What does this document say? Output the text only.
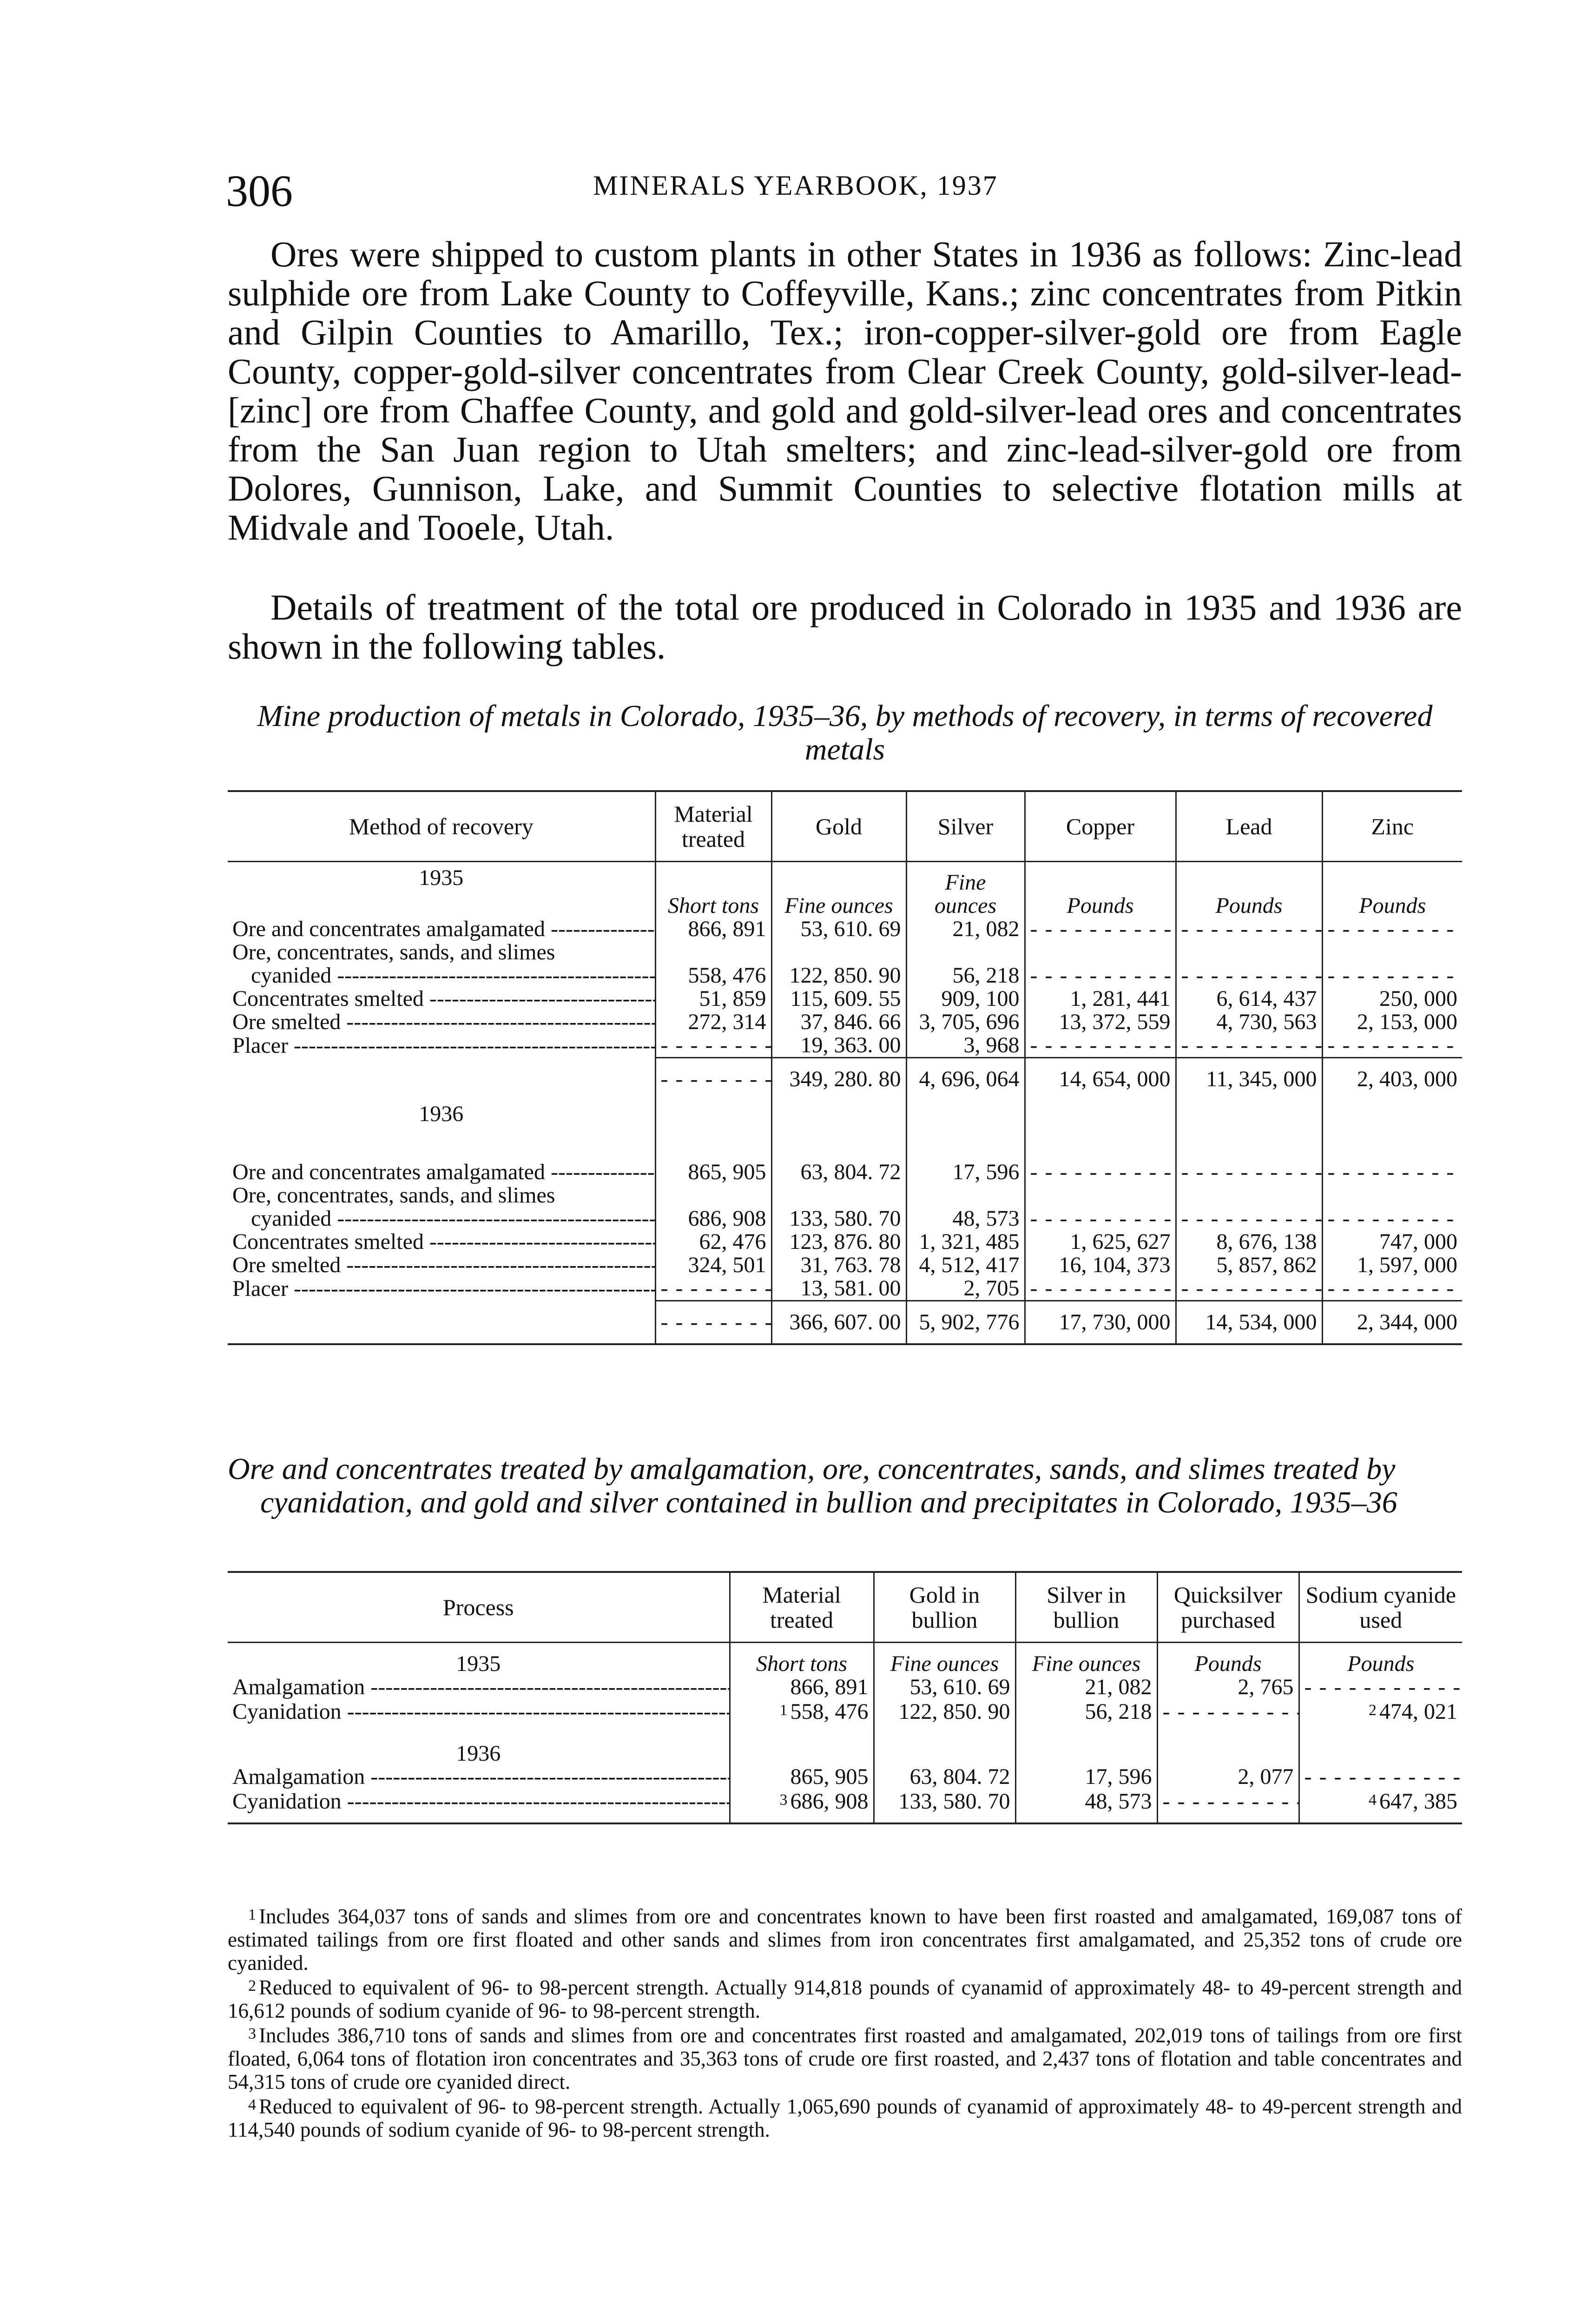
306	MINERALS YEARBOOK, 1937

Ores were shipped to custom plants in other States in 1936 as follows: Zinc-lead sulphide ore from Lake County to Coffeyville, Kans.; zinc concentrates from Pitkin and Gilpin Counties to Amarillo, Tex.; iron-copper-silver-gold ore from Eagle County, copper-gold-silver concentrates from Clear Creek County, gold-silver-lead-[zinc] ore from Chaffee County, and gold and gold-silver-lead ores and concentrates from the San Juan region to Utah smelters; and zinc-lead-silver-gold ore from Dolores, Gunnison, Lake, and Summit Counties to selective flotation mills at Midvale and Tooele, Utah.

Details of treatment of the total ore produced in Colorado in 1935 and 1936 are shown in the following tables.

Mine production of metals in Colorado, 1935–36, by methods of recovery, in terms of recovered metals

Method of recovery	Material treated	Gold	Silver	Copper	Lead	Zinc
1935			Fine			
	Short tons	Fine ounces	ounces	Pounds	Pounds	Pounds
Ore and concentrates amalgamated -----	866, 891	53, 610. 69	21, 082	- - -	- - -	- - -
Ore, concentrates, sands, and slimes						
cyanided -----	558, 476	122, 850. 90	56, 218	- - -	- - -	- - -
Concentrates smelted -----	51, 859	115, 609. 55	909, 100	1, 281, 441	6, 614, 437	250, 000
Ore smelted -----	272, 314	37, 846. 66	3, 705, 696	13, 372, 559	4, 730, 563	2, 153, 000
Placer -----	- - -	19, 363. 00	3, 968	- - -	- - -	- - -
	- - -	349, 280. 80	4, 696, 064	14, 654, 000	11, 345, 000	2, 403, 000
1936						

Ore and concentrates amalgamated -----	865, 905	63, 804. 72	17, 596	- - -	- - -	- - -
Ore, concentrates, sands, and slimes						
cyanided -----	686, 908	133, 580. 70	48, 573	- - -	- - -	- - -
Concentrates smelted -----	62, 476	123, 876. 80	1, 321, 485	1, 625, 627	8, 676, 138	747, 000
Ore smelted -----	324, 501	31, 763. 78	4, 512, 417	16, 104, 373	5, 857, 862	1, 597, 000
Placer -----	- - -	13, 581. 00	2, 705	- - -	- - -	- - -
	- - -	366, 607. 00	5, 902, 776	17, 730, 000	14, 534, 000	2, 344, 000

Ore and concentrates treated by amalgamation, ore, concentrates, sands, and slimes treated by cyanidation, and gold and silver contained in bullion and precipitates in Colorado, 1935–36

Process	Material treated	Gold in bullion	Silver in bullion	Quicksilver purchased	Sodium cyanide used
1935	Short tons	Fine ounces	Fine ounces	Pounds	Pounds
Amalgamation -----	866, 891	53, 610. 69	21, 082	2, 765	- - -
Cyanidation -----	$^1$ 558, 476	122, 850. 90	56, 218	- - -	$^2$ 474, 021
1936					
Amalgamation -----	865, 905	63, 804. 72	17, 596	2, 077	- - -
Cyanidation -----	$^3$ 686, 908	133, 580. 70	48, 573	- - -	$^4$ 647, 385

$^1$ Includes 364,037 tons of sands and slimes from ore and concentrates known to have been first roasted and amalgamated, 169,087 tons of estimated tailings from ore first floated and other sands and slimes from iron concentrates first amalgamated, and 25,352 tons of crude ore cyanided.

$^2$ Reduced to equivalent of 96- to 98-percent strength. Actually 914,818 pounds of cyanamid of approximately 48- to 49-percent strength and 16,612 pounds of sodium cyanide of 96- to 98-percent strength.

$^3$ Includes 386,710 tons of sands and slimes from ore and concentrates first roasted and amalgamated, 202,019 tons of tailings from ore first floated, 6,064 tons of flotation iron concentrates and 35,363 tons of crude ore first roasted, and 2,437 tons of flotation and table concentrates and 54,315 tons of crude ore cyanided direct.

$^4$ Reduced to equivalent of 96- to 98-percent strength. Actually 1,065,690 pounds of cyanamid of approximately 48- to 49-percent strength and 114,540 pounds of sodium cyanide of 96- to 98-percent strength.
